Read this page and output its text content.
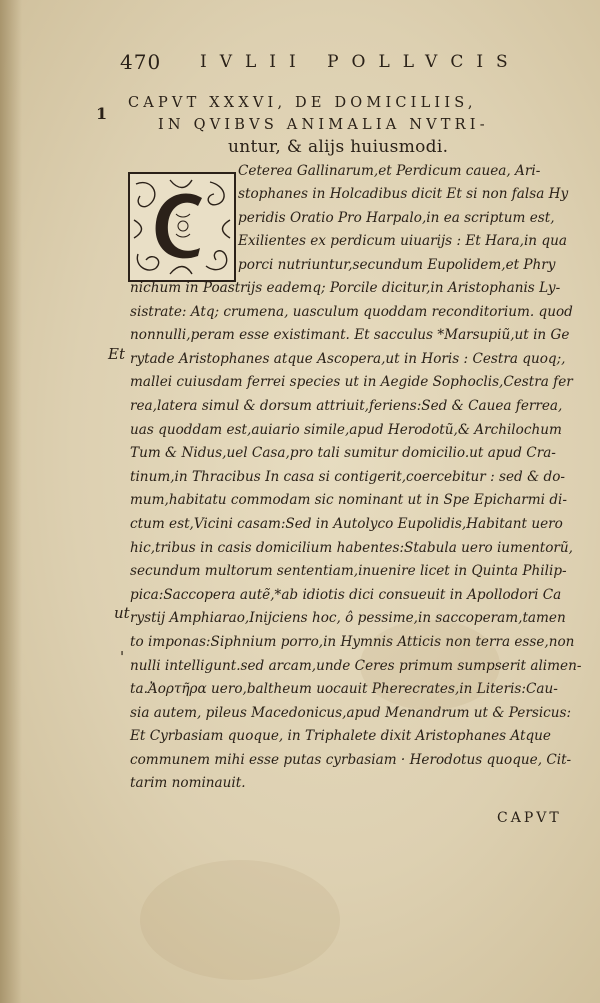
470 IVLII POLLVCIS
1
CAPVT XXXVI, DE DOMICILIIS,
IN QVIBVS ANIMALIA NVTRI-
untur, & alijs huiusmodi.
Ceterea Gallinarum,et Perdicum cauea, Ari-
stophanes in Holcadibus dicit Et si non falsa Hy
peridis Oratio Pro Harpalo,in ea scriptum est,
Exilientes ex perdicum uiuarijs : Et Hara,in qua
porci nutriuntur,secundum Eupolidem,et Phry
nichum in Poastrijs eademq; Porcile dicitur,in Aristophanis Ly-
sistrate: Atq; crumena, uasculum quoddam reconditorium. quod
nonnulli,peram esse existimant. Et sacculus *Marsupiũ,ut in Ge
rytade Aristophanes atque Ascopera,ut in Horis : Cestra quoq;,
mallei cuiusdam ferrei species ut in Aegide Sophoclis,Cestra fer
rea,latera simul & dorsum attriuit,feriens:Sed & Cauea ferrea,
uas quoddam est,auiario simile,apud Herodotũ,& Archilochum
Tum & Nidus,uel Casa,pro tali sumitur domicilio.ut apud Cra-
tinum,in Thracibus In casa si contigerit,coercebitur : sed & do-
mum,habitatu commodam sic nominant ut in Spe Epicharmi di-
ctum est,Vicini casam:Sed in Autolyco Eupolidis,Habitant uero
hic,tribus in casis domicilium habentes:Stabula uero iumentorũ,
secundum multorum sententiam,inuenire licet in Quinta Philip-
pica:Saccopera autẽ,*ab idiotis dici consueuit in Apollodori Ca
rystij Amphiarao,Inijciens hoc, ô pessime,in saccoperam,tamen
to imponas:Siphnium porro,in Hymnis Atticis non terra esse,non
nulli intelligunt.sed arcam,unde Ceres primum sumpserit alimen-
ta.Ἀορτῆρα uero,baltheum uocauit Pherecrates,in Literis:Cau-
sia autem, pileus Macedonicus,apud Menandrum ut & Persicus:
Et Cyrbasiam quoque, in Triphalete dixit Aristophanes Atque
communem mihi esse putas cyrbasiam · Herodotus quoque, Cit-
tarim nominauit.
Et
ut
'
CAPVT
